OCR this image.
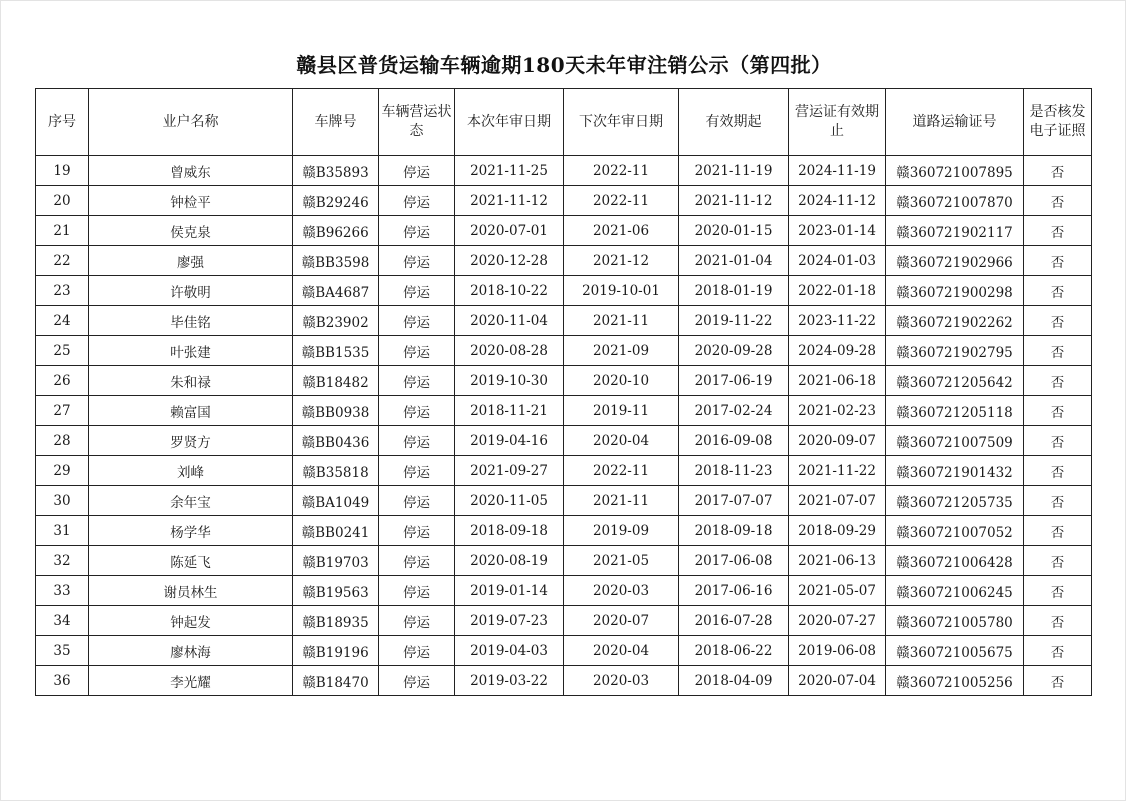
赣县区普货运输车辆逾期180天未年审注销公示（第四批）
序号	业户名称	车牌号	车辆营运状态	本次年审日期	下次年审日期	有效期起	营运证有效期止	道路运输证号	是否核发电子证照
19	曾威东	赣B35893	停运	2021-11-25	2022-11	2021-11-19	2024-11-19	赣360721007895	否
20	钟检平	赣B29246	停运	2021-11-12	2022-11	2021-11-12	2024-11-12	赣360721007870	否
21	侯克泉	赣B96266	停运	2020-07-01	2021-06	2020-01-15	2023-01-14	赣360721902117	否
22	廖强	赣BB3598	停运	2020-12-28	2021-12	2021-01-04	2024-01-03	赣360721902966	否
23	许敬明	赣BA4687	停运	2018-10-22	2019-10-01	2018-01-19	2022-01-18	赣360721900298	否
24	毕佳铭	赣B23902	停运	2020-11-04	2021-11	2019-11-22	2023-11-22	赣360721902262	否
25	叶张建	赣BB1535	停运	2020-08-28	2021-09	2020-09-28	2024-09-28	赣360721902795	否
26	朱和禄	赣B18482	停运	2019-10-30	2020-10	2017-06-19	2021-06-18	赣360721205642	否
27	赖富国	赣BB0938	停运	2018-11-21	2019-11	2017-02-24	2021-02-23	赣360721205118	否
28	罗贤方	赣BB0436	停运	2019-04-16	2020-04	2016-09-08	2020-09-07	赣360721007509	否
29	刘峰	赣B35818	停运	2021-09-27	2022-11	2018-11-23	2021-11-22	赣360721901432	否
30	余年宝	赣BA1049	停运	2020-11-05	2021-11	2017-07-07	2021-07-07	赣360721205735	否
31	杨学华	赣BB0241	停运	2018-09-18	2019-09	2018-09-18	2018-09-29	赣360721007052	否
32	陈延飞	赣B19703	停运	2020-08-19	2021-05	2017-06-08	2021-06-13	赣360721006428	否
33	谢员林生	赣B19563	停运	2019-01-14	2020-03	2017-06-16	2021-05-07	赣360721006245	否
34	钟起发	赣B18935	停运	2019-07-23	2020-07	2016-07-28	2020-07-27	赣360721005780	否
35	廖林海	赣B19196	停运	2019-04-03	2020-04	2018-06-22	2019-06-08	赣360721005675	否
36	李光耀	赣B18470	停运	2019-03-22	2020-03	2018-04-09	2020-07-04	赣360721005256	否
